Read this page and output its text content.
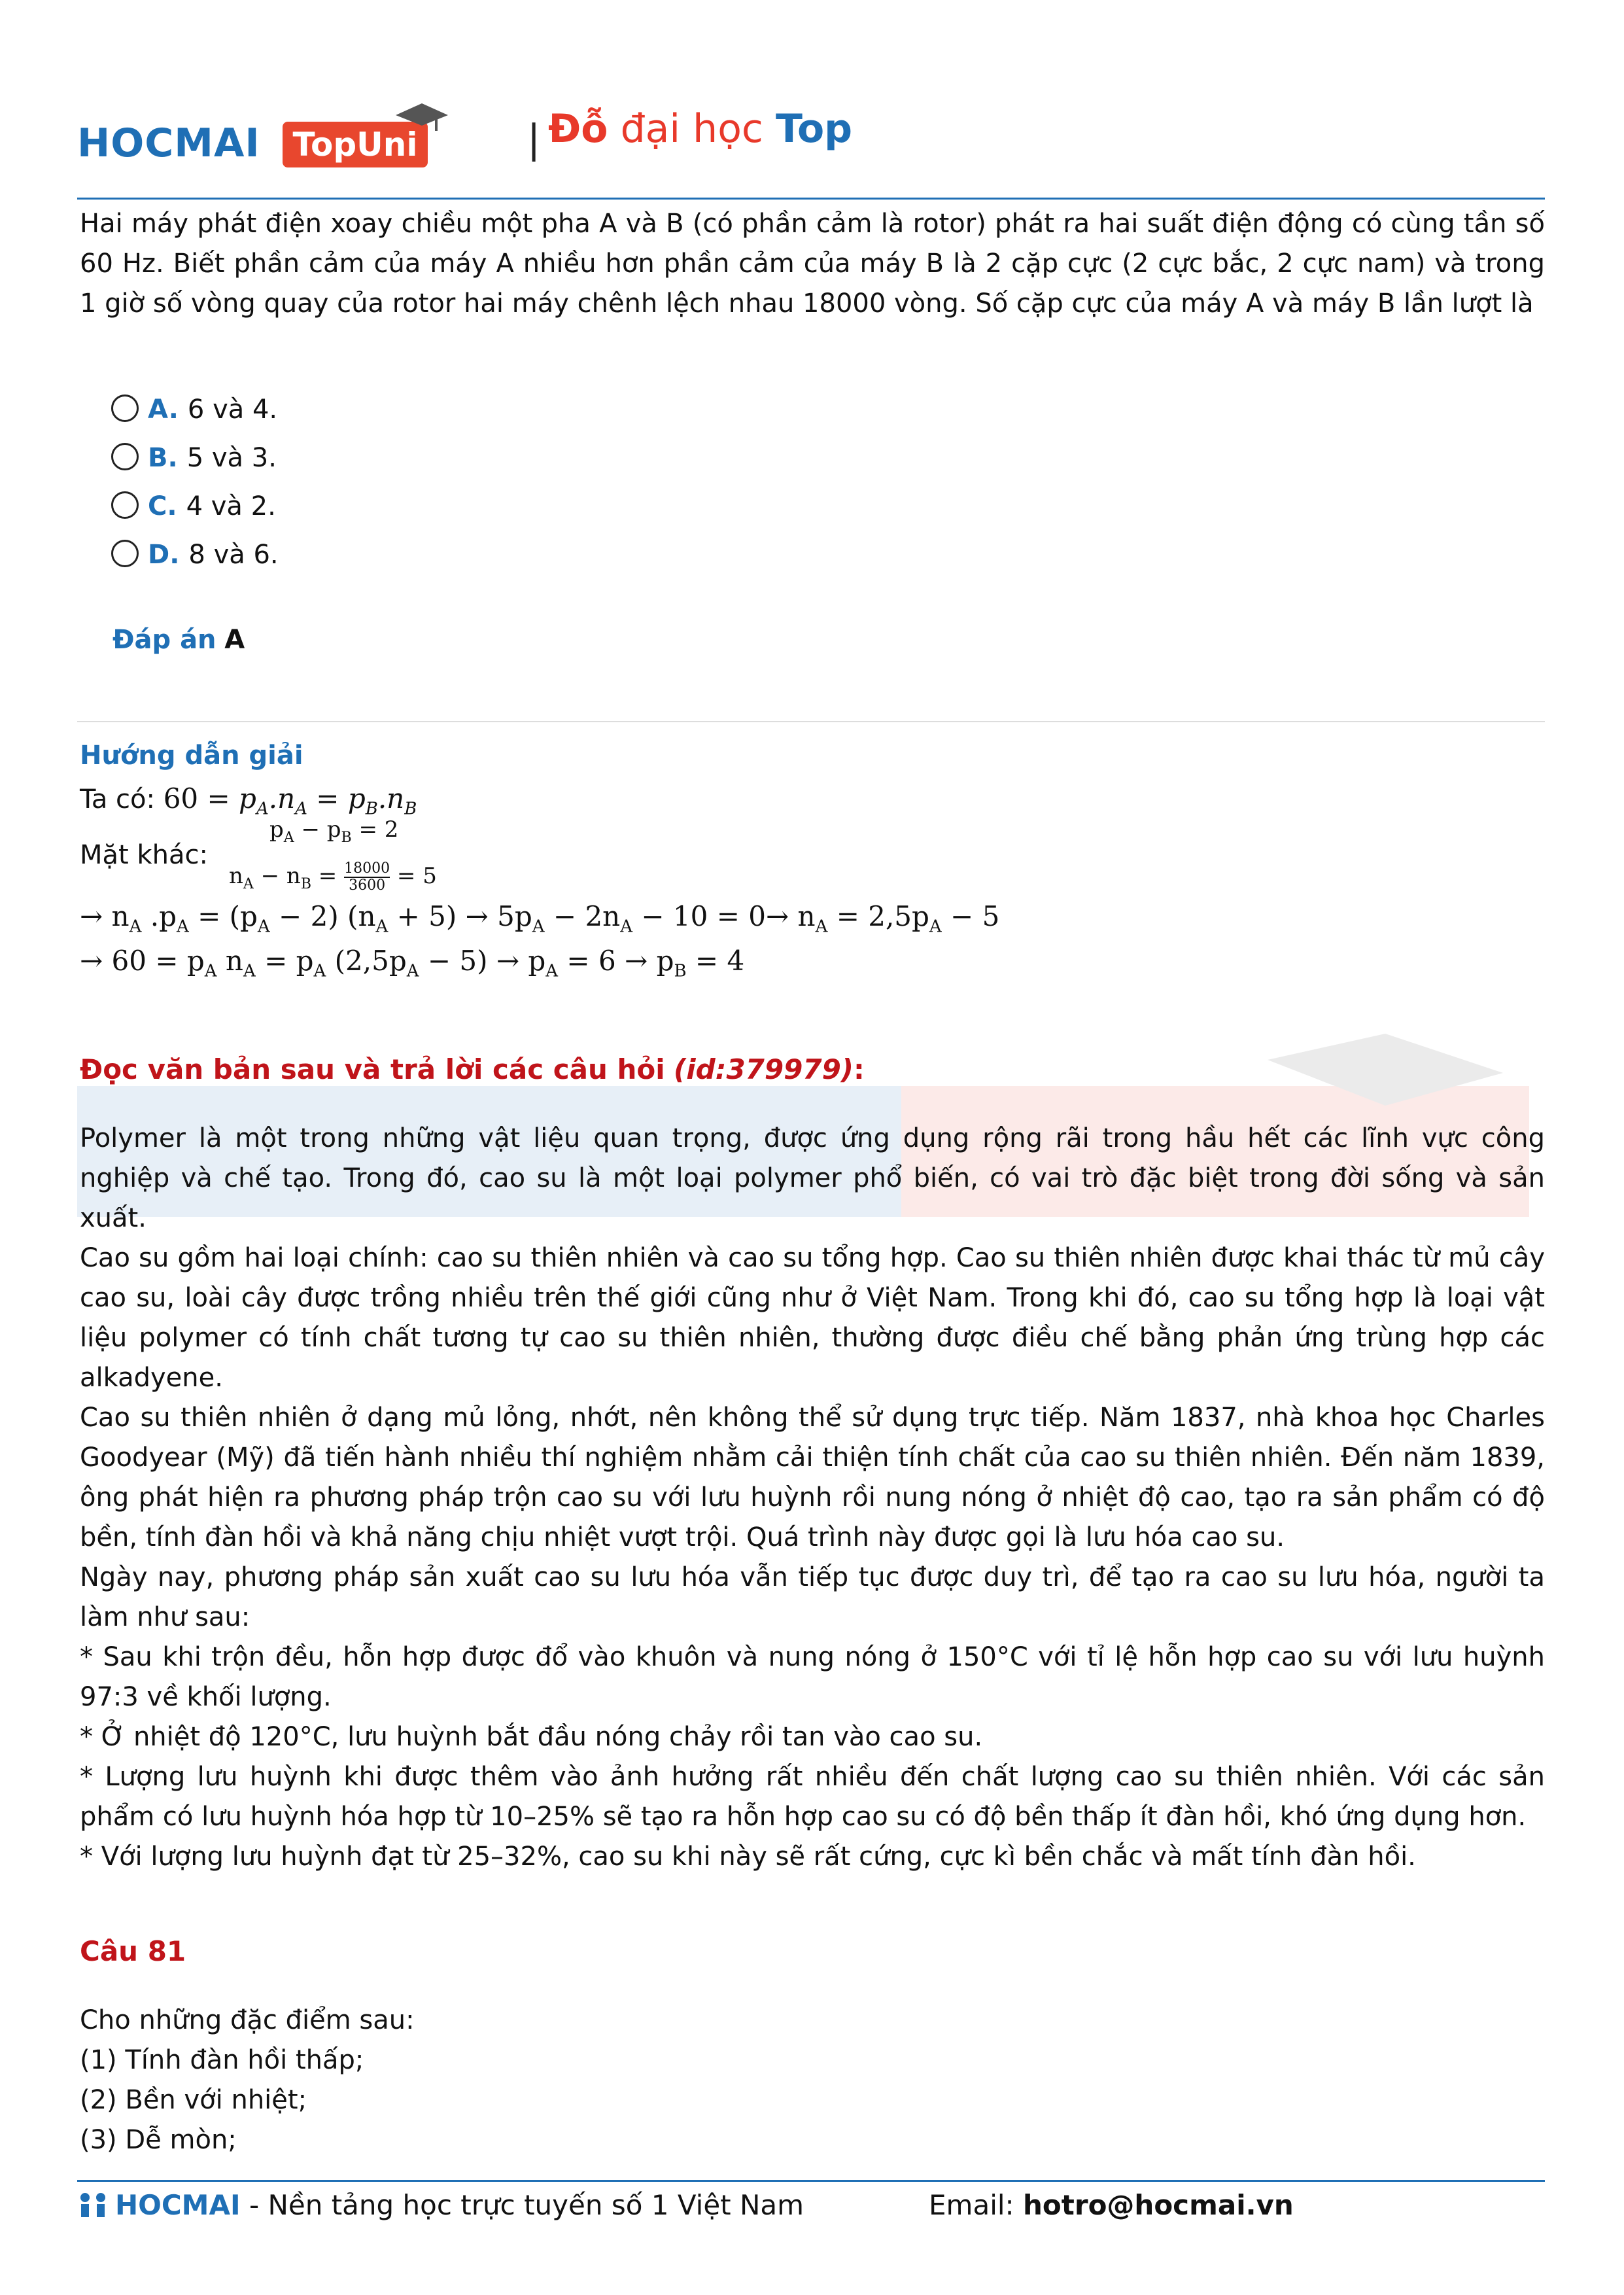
HOCMAI TopUni	| Đỗ đại học Top
Hai máy phát điện xoay chiều một pha A và B (có phần cảm là rotor) phát ra hai suất điện động có cùng tần số 60 Hz. Biết phần cảm của máy A nhiều hơn phần cảm của máy B là 2 cặp cực (2 cực bắc, 2 cực nam) và trong 1 giờ số vòng quay của rotor hai máy chênh lệch nhau 18000 vòng. Số cặp cực của máy A và máy B lần lượt là
A. 6 và 4.
B. 5 và 3.
C. 4 và 2.
D. 8 và 6.
Đáp án A
Hướng dẫn giải
Ta có: $60 = p_A.n_A = p_B.n_B$
Mặt khác:
$p_A - p_B = 2$
$n_A - n_B = \frac{18000}{3600} = 5$
→ $n_A$ $.p_A = (p_A - 2) (n_A + 5) \to 5p_A - 2n_A - 10 = 0\to n_A = 2,5p_A - 5$
→ $60 = p_A$ $n_A = p_A$ $(2,5p_A - 5) \to p_A = 6 \to p_B = 4$
Đọc văn bản sau và trả lời các câu hỏi (id:379979):
Polymer là một trong những vật liệu quan trọng, được ứng dụng rộng rãi trong hầu hết các lĩnh vực công nghiệp và chế tạo. Trong đó, cao su là một loại polymer phổ biến, có vai trò đặc biệt trong đời sống và sản xuất.
Cao su gồm hai loại chính: cao su thiên nhiên và cao su tổng hợp. Cao su thiên nhiên được khai thác từ mủ cây cao su, loài cây được trồng nhiều trên thế giới cũng như ở Việt Nam. Trong khi đó, cao su tổng hợp là loại vật liệu polymer có tính chất tương tự cao su thiên nhiên, thường được điều chế bằng phản ứng trùng hợp các alkadyene.
Cao su thiên nhiên ở dạng mủ lỏng, nhớt, nên không thể sử dụng trực tiếp. Năm 1837, nhà khoa học Charles Goodyear (Mỹ) đã tiến hành nhiều thí nghiệm nhằm cải thiện tính chất của cao su thiên nhiên. Đến năm 1839, ông phát hiện ra phương pháp trộn cao su với lưu huỳnh rồi nung nóng ở nhiệt độ cao, tạo ra sản phẩm có độ bền, tính đàn hồi và khả năng chịu nhiệt vượt trội. Quá trình này được gọi là lưu hóa cao su.
Ngày nay, phương pháp sản xuất cao su lưu hóa vẫn tiếp tục được duy trì, để tạo ra cao su lưu hóa, người ta làm như sau:
* Sau khi trộn đều, hỗn hợp được đổ vào khuôn và nung nóng ở 150°C với tỉ lệ hỗn hợp cao su với lưu huỳnh 97:3 về khối lượng.
* Ở nhiệt độ 120°C, lưu huỳnh bắt đầu nóng chảy rồi tan vào cao su.
* Lượng lưu huỳnh khi được thêm vào ảnh hưởng rất nhiều đến chất lượng cao su thiên nhiên. Với các sản phẩm có lưu huỳnh hóa hợp từ 10–25% sẽ tạo ra hỗn hợp cao su có độ bền thấp ít đàn hồi, khó ứng dụng hơn.
* Với lượng lưu huỳnh đạt từ 25–32%, cao su khi này sẽ rất cứng, cực kì bền chắc và mất tính đàn hồi.
Câu 81
Cho những đặc điểm sau:
(1) Tính đàn hồi thấp;
(2) Bền với nhiệt;
(3) Dễ mòn;
HOCMAI - Nền tảng học trực tuyến số 1 Việt Nam	Email: hotro@hocmai.vn
